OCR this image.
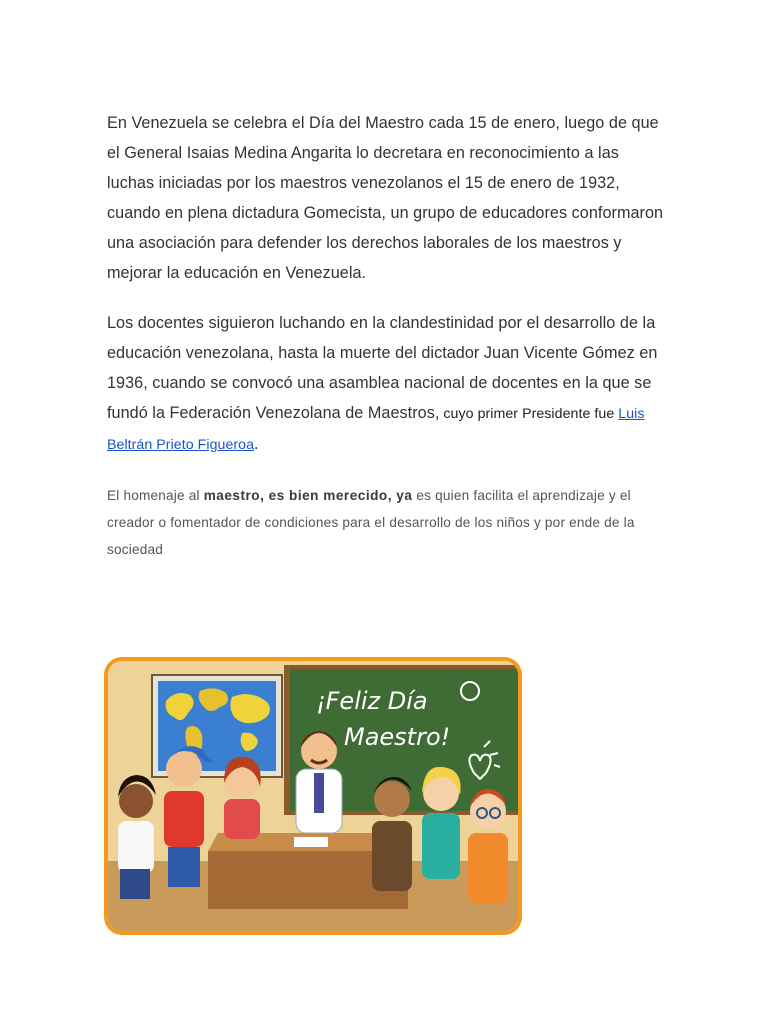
En Venezuela se celebra el Día del Maestro cada 15 de enero, luego de que el General Isaias Medina Angarita lo decretara en reconocimiento a las luchas iniciadas por los maestros venezolanos el 15 de enero de 1932, cuando en plena dictadura Gomecista, un grupo de educadores conformaron una asociación para defender los derechos laborales de los maestros y mejorar la educación en Venezuela.

Los docentes siguieron luchando en la clandestinidad por el desarrollo de la educación venezolana, hasta la muerte del dictador Juan Vicente Gómez en 1936, cuando se convocó una asamblea nacional de docentes en la que se fundó la Federación Venezolana de Maestros, cuyo primer Presidente fue Luis Beltrán Prieto Figueroa.

El homenaje al maestro, es bien merecido, ya es quien facilita el aprendizaje y el creador o fomentador de condiciones para el desarrollo de los niños y por ende de la sociedad

¡Feliz Día
Maestro!
